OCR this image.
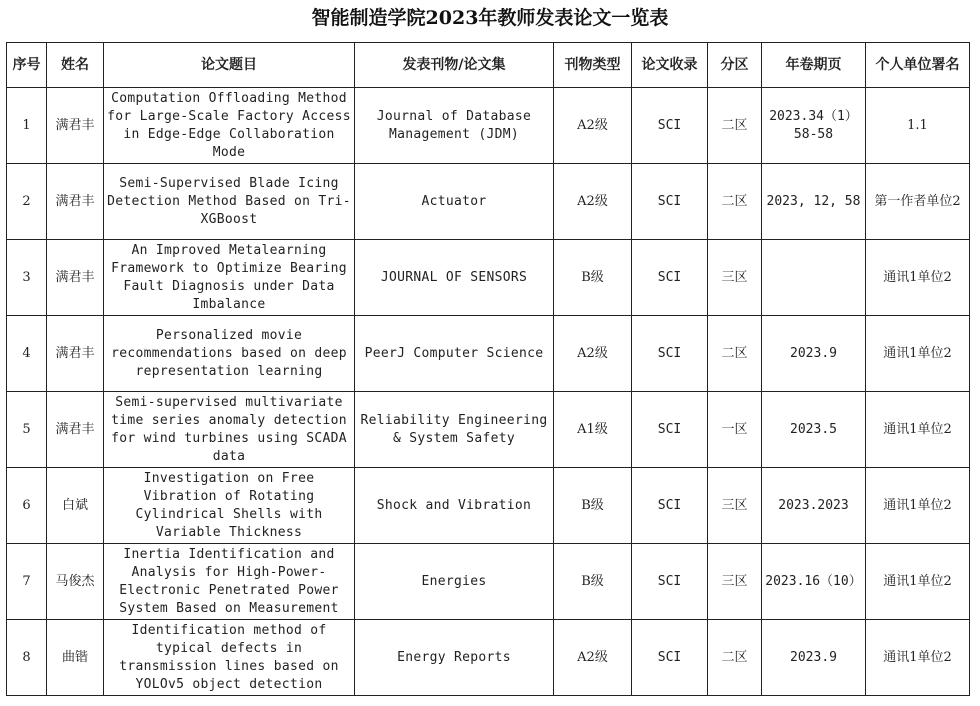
智能制造学院2023年教师发表论文一览表
序号	姓名	论文题目	发表刊物/论文集	刊物类型	论文收录	分区	年卷期页	个人单位署名
1	满君丰	Computation Offloading Method for Large-Scale Factory Access in Edge-Edge Collaboration Mode	Journal of Database Management (JDM)	A2级	SCI	二区	2023.34（1）58-58	1.1
2	满君丰	Semi-Supervised Blade Icing Detection Method Based on Tri-XGBoost	Actuator	A2级	SCI	二区	2023, 12, 58	第一作者单位2
3	满君丰	An Improved Metalearning Framework to Optimize Bearing Fault Diagnosis under Data Imbalance	JOURNAL OF SENSORS	B级	SCI	三区		通讯1单位2
4	满君丰	Personalized movie recommendations based on deep representation learning	PeerJ Computer Science	A2级	SCI	二区	2023.9	通讯1单位2
5	满君丰	Semi-supervised multivariate time series anomaly detection for wind turbines using SCADA data	Reliability Engineering & System Safety	A1级	SCI	一区	2023.5	通讯1单位2
6	白斌	Investigation on Free Vibration of Rotating Cylindrical Shells with Variable Thickness	Shock and Vibration	B级	SCI	三区	2023.2023	通讯1单位2
7	马俊杰	Inertia Identification and Analysis for High-Power-Electronic Penetrated Power System Based on Measurement	Energies	B级	SCI	三区	2023.16（10）	通讯1单位2
8	曲锴	Identification method of typical defects in transmission lines based on YOLOv5 object detection	Energy Reports	A2级	SCI	二区	2023.9	通讯1单位2
